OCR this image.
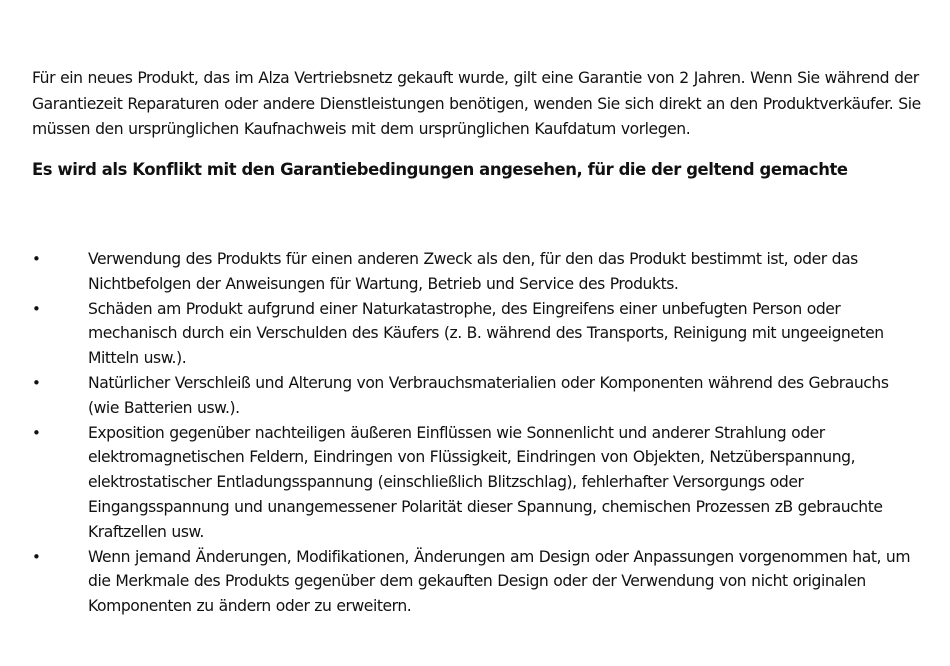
Für ein neues Produkt, das im Alza Vertriebsnetz gekauft wurde, gilt eine Garantie von 2 Jahren. Wenn Sie während der Garantiezeit Reparaturen oder andere Dienstleistungen benötigen, wenden Sie sich direkt an den Produktverkäufer. Sie müssen den ursprünglichen Kaufnachweis mit dem ursprünglichen Kaufdatum vorlegen.

Es wird als Konflikt mit den Garantiebedingungen angesehen, für die der geltend gemachte

•	Verwendung des Produkts für einen anderen Zweck als den, für den das Produkt bestimmt ist, oder das Nichtbefolgen der Anweisungen für Wartung, Betrieb und Service des Produkts.
•	Schäden am Produkt aufgrund einer Naturkatastrophe, des Eingreifens einer unbefugten Person oder mechanisch durch ein Verschulden des Käufers (z. B. während des Transports, Reinigung mit ungeeigneten Mitteln usw.).
•	Natürlicher Verschleiß und Alterung von Verbrauchsmaterialien oder Komponenten während des Gebrauchs (wie Batterien usw.).
•	Exposition gegenüber nachteiligen äußeren Einflüssen wie Sonnenlicht und anderer Strahlung oder elektromagnetischen Feldern, Eindringen von Flüssigkeit, Eindringen von Objekten, Netzüberspannung, elektrostatischer Entladungsspannung (einschließlich Blitzschlag), fehlerhafter Versorgungs oder Eingangsspannung und unangemessener Polarität dieser Spannung, chemischen Prozessen zB gebrauchte Kraftzellen usw.
•	Wenn jemand Änderungen, Modifikationen, Änderungen am Design oder Anpassungen vorgenommen hat, um die Merkmale des Produkts gegenüber dem gekauften Design oder der Verwendung von nicht originalen Komponenten zu ändern oder zu erweitern.
